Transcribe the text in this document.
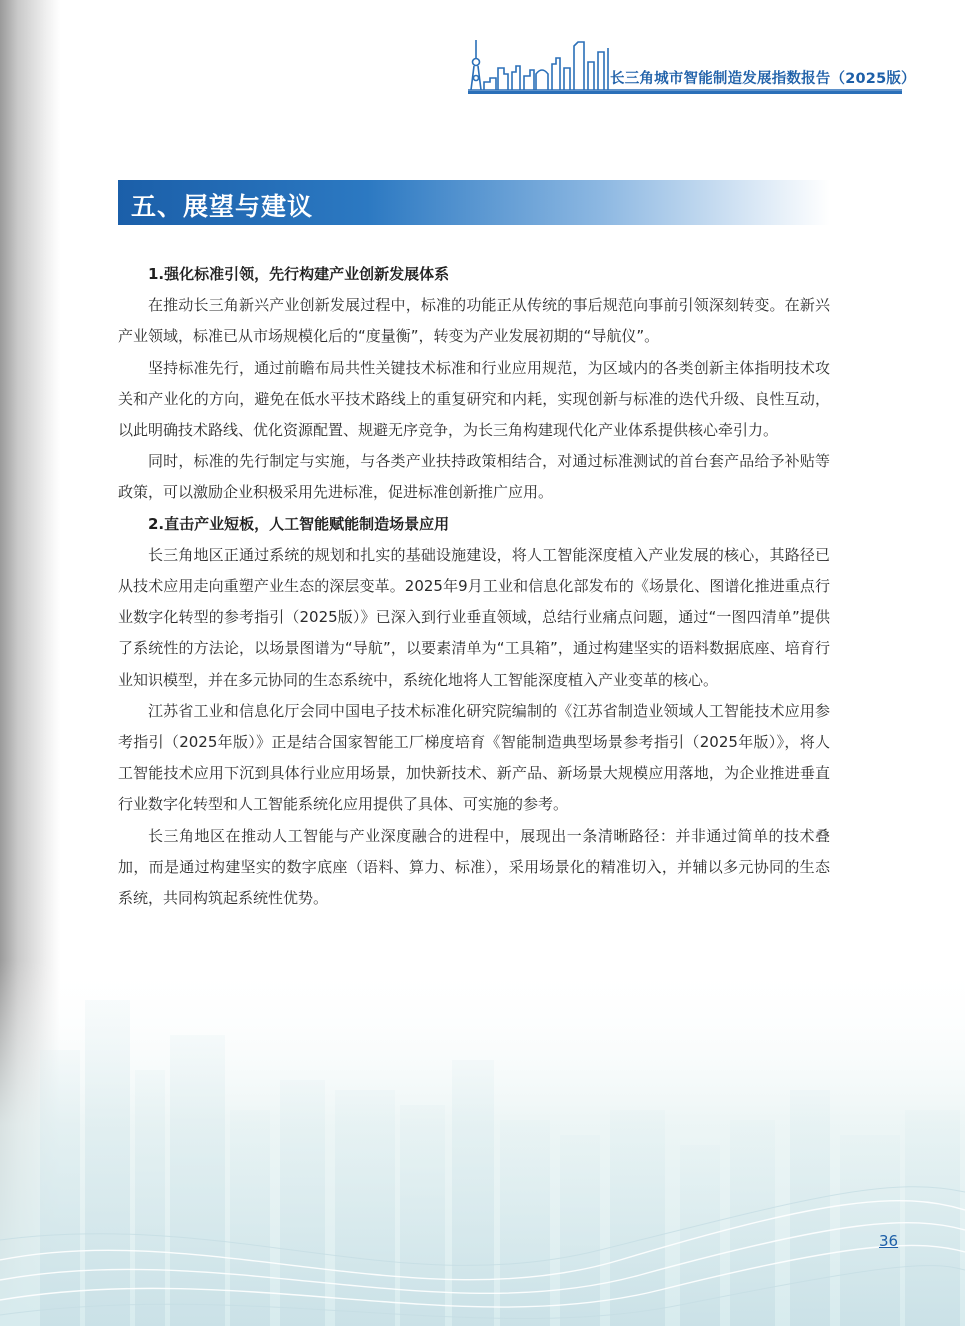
长三角城市智能制造发展指数报告（2025版）
五、展望与建议
1.强化标准引领，先行构建产业创新发展体系

在推动长三角新兴产业创新发展过程中，标准的功能正从传统的事后规范向事前引领深刻转变。在新兴产业领域，标准已从市场规模化后的“度量衡”，转变为产业发展初期的“导航仪”。

坚持标准先行，通过前瞻布局共性关键技术标准和行业应用规范，为区域内的各类创新主体指明技术攻关和产业化的方向，避免在低水平技术路线上的重复研究和内耗，实现创新与标准的迭代升级、良性互动，以此明确技术路线、优化资源配置、规避无序竞争，为长三角构建现代化产业体系提供核心牵引力。

同时，标准的先行制定与实施，与各类产业扶持政策相结合，对通过标准测试的首台套产品给予补贴等政策，可以激励企业积极采用先进标准，促进标准创新推广应用。

2.直击产业短板，人工智能赋能制造场景应用

长三角地区正通过系统的规划和扎实的基础设施建设，将人工智能深度植入产业发展的核心，其路径已从技术应用走向重塑产业生态的深层变革。2025年9月工业和信息化部发布的《场景化、图谱化推进重点行业数字化转型的参考指引（2025版）》已深入到行业垂直领域，总结行业痛点问题，通过“一图四清单”提供了系统性的方法论，以场景图谱为“导航”，以要素清单为“工具箱”，通过构建坚实的语料数据底座、培育行业知识模型，并在多元协同的生态系统中，系统化地将人工智能深度植入产业变革的核心。

江苏省工业和信息化厅会同中国电子技术标准化研究院编制的《江苏省制造业领域人工智能技术应用参考指引（2025年版）》正是结合国家智能工厂梯度培育《智能制造典型场景参考指引（2025年版）》，将人工智能技术应用下沉到具体行业应用场景，加快新技术、新产品、新场景大规模应用落地，为企业推进垂直行业数字化转型和人工智能系统化应用提供了具体、可实施的参考。

长三角地区在推动人工智能与产业深度融合的进程中，展现出一条清晰路径：并非通过简单的技术叠加，而是通过构建坚实的数字底座（语料、算力、标准），采用场景化的精准切入，并辅以多元协同的生态系统，共同构筑起系统性优势。

36
